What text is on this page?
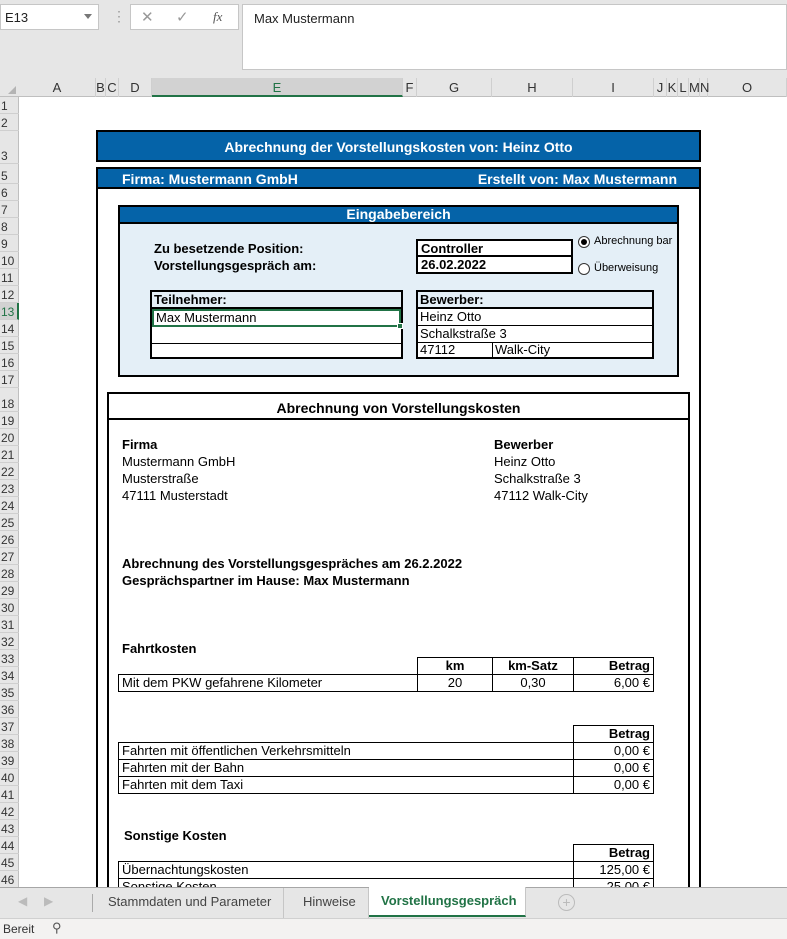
E13	⋮ ✕ ✓ fx	Max Mustermann
A	B C	D	E	F	G	H	I	J K L M N	O
1
2
3
5
6
7
8
9
10
11
12
13
14
15
16
17
18
19
20
21
22
23
24
25
26
27
28
29
30
31
32
33
34
35
36
37
38
39
40
41
42
43
44
45
46
Abrechnung der Vorstellungskosten von: Heinz Otto
Firma: Mustermann GmbH	Erstellt von: Max Mustermann
Eingabebereich
Zu besetzende Position:
Vorstellungsgespräch am:
Controller
26.02.2022
Abrechnung bar
Überweisung
Teilnehmer:
Max Mustermann
Bewerber:
Heinz Otto
Schalkstraße 3
47112	Walk-City
Abrechnung von Vorstellungskosten
Firma
Mustermann GmbH
Musterstraße
47111 Musterstadt
Bewerber
Heinz Otto
Schalkstraße 3
47112 Walk-City
Abrechnung des Vorstellungsgespräches am 26.2.2022
Gesprächspartner im Hause: Max Mustermann
Fahrtkosten
km	km-Satz	Betrag
Mit dem PKW gefahrene Kilometer	20	0,30	6,00 €
Betrag
Fahrten mit öffentlichen Verkehrsmitteln	0,00 €
Fahrten mit der Bahn	0,00 €
Fahrten mit dem Taxi	0,00 €
Sonstige Kosten
Betrag
Übernachtungskosten	125,00 €
◀ ▶	Stammdaten und Parameter	Hinweise	Vorstellungsgespräch	+
Bereit ⚲
